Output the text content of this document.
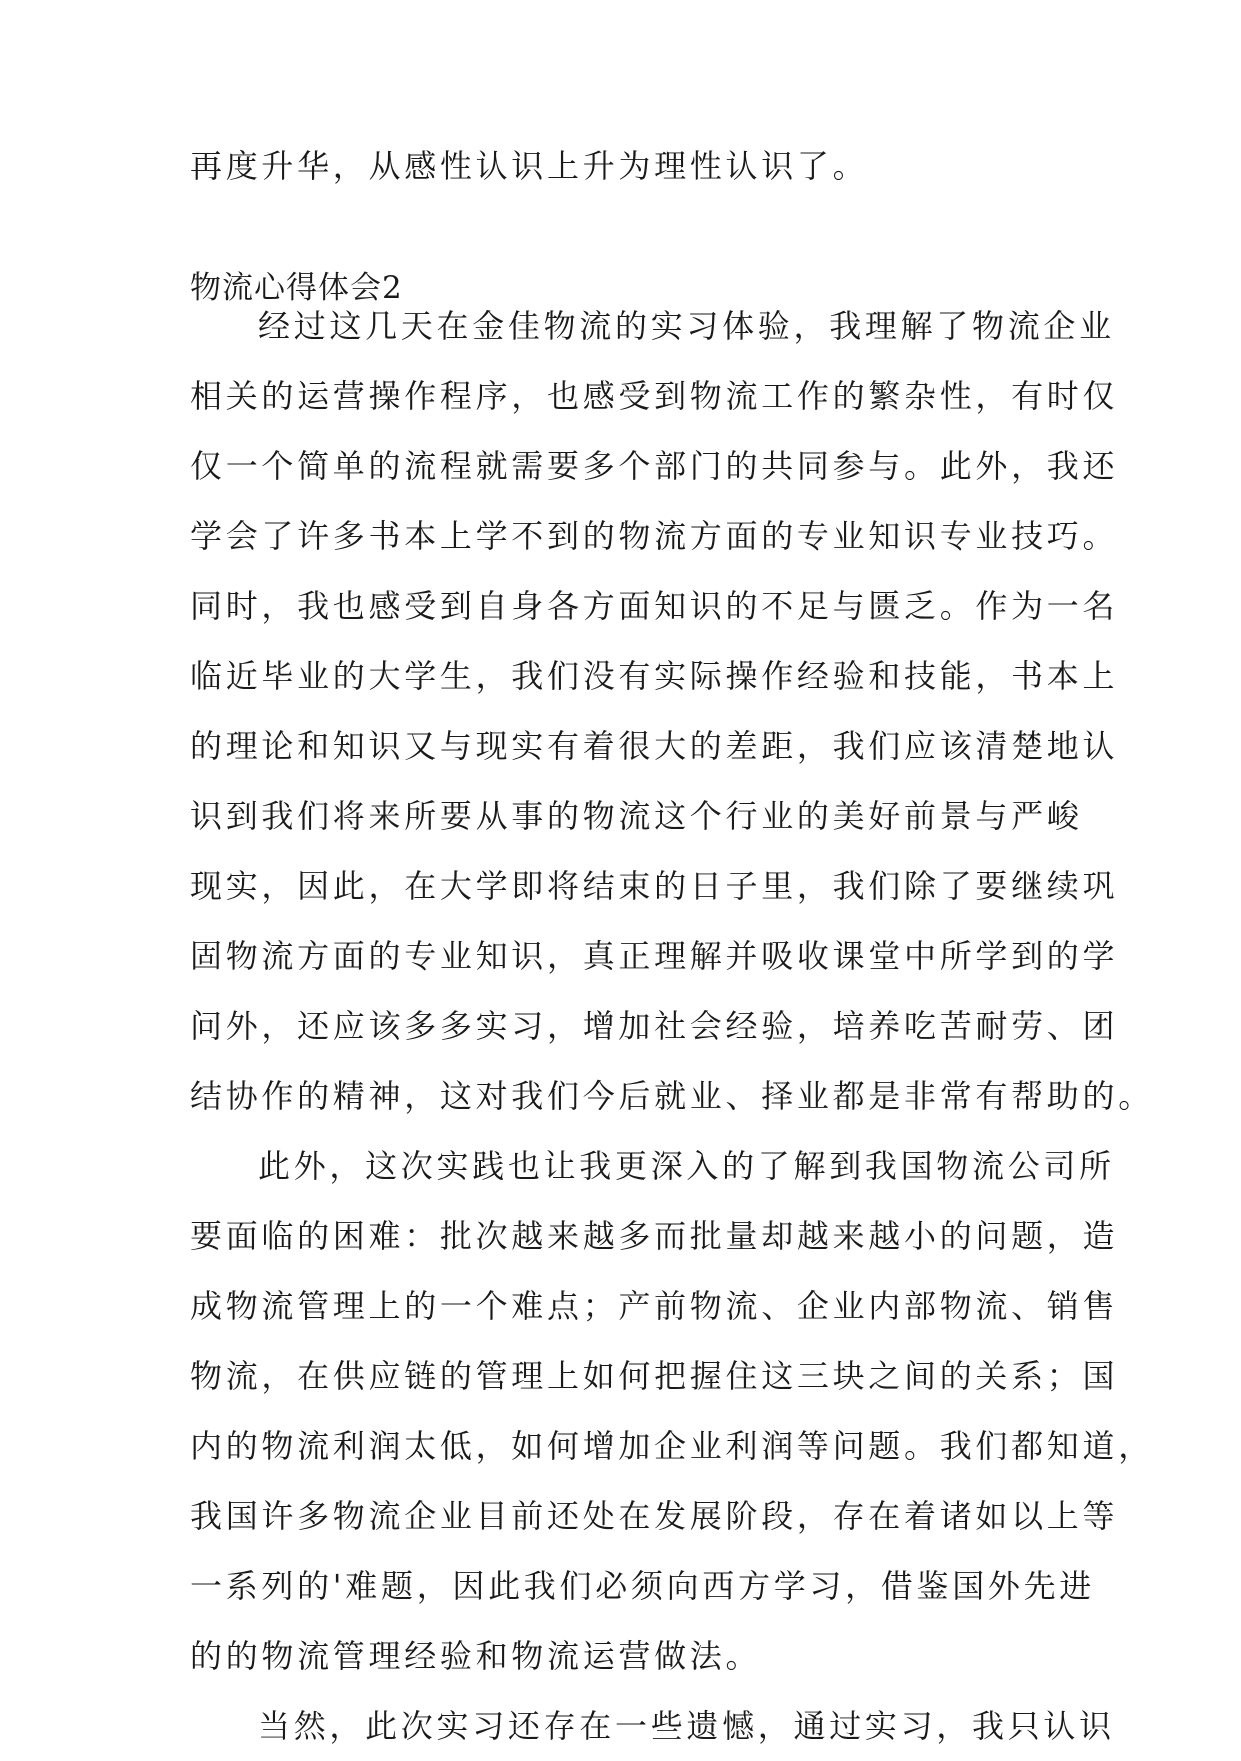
再度升华，从感性认识上升为理性认识了。
物流心得体会2
经过这几天在金佳物流的实习体验，我理解了物流企业
相关的运营操作程序，也感受到物流工作的繁杂性，有时仅
仅一个简单的流程就需要多个部门的共同参与。此外，我还
学会了许多书本上学不到的物流方面的专业知识专业技巧。
同时，我也感受到自身各方面知识的不足与匮乏。作为一名
临近毕业的大学生，我们没有实际操作经验和技能，书本上
的理论和知识又与现实有着很大的差距，我们应该清楚地认
识到我们将来所要从事的物流这个行业的美好前景与严峻
现实，因此，在大学即将结束的日子里，我们除了要继续巩
固物流方面的专业知识，真正理解并吸收课堂中所学到的学
问外，还应该多多实习，增加社会经验，培养吃苦耐劳、团
结协作的精神，这对我们今后就业、择业都是非常有帮助的。
此外，这次实践也让我更深入的了解到我国物流公司所
要面临的困难：批次越来越多而批量却越来越小的问题，造
成物流管理上的一个难点；产前物流、企业内部物流、销售
物流，在供应链的管理上如何把握住这三块之间的关系；国
内的物流利润太低，如何增加企业利润等问题。我们都知道，
我国许多物流企业目前还处在发展阶段，存在着诸如以上等
一系列的'难题，因此我们必须向西方学习，借鉴国外先进
的的物流管理经验和物流运营做法。
当然，此次实习还存在一些遗憾，通过实习，我只认识
